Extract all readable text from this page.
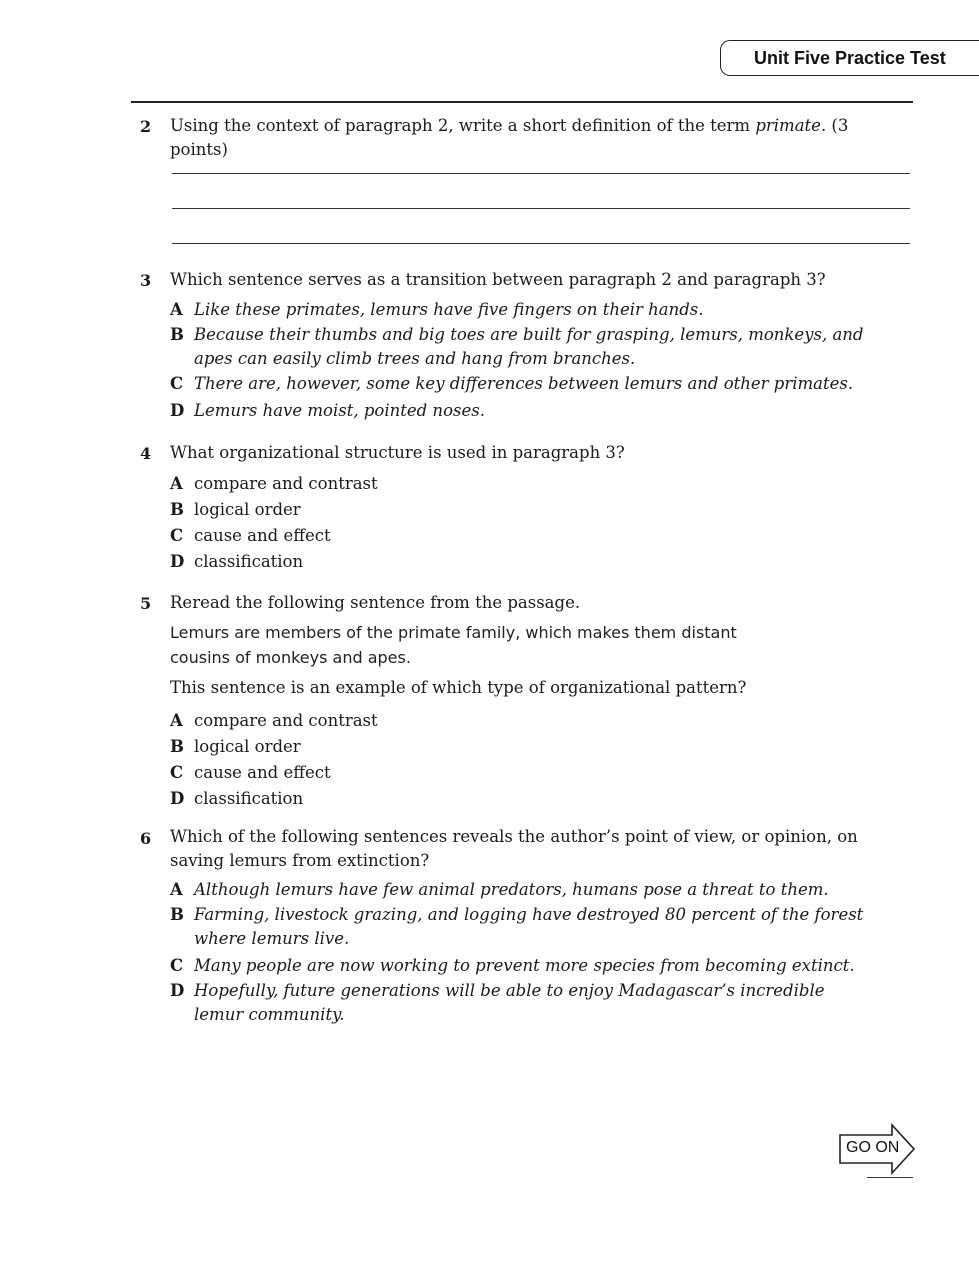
Unit Five Practice Test
2 Using the context of paragraph 2, write a short definition of the term primate. (3 points)
3 Which sentence serves as a transition between paragraph 2 and paragraph 3?
A Like these primates, lemurs have five fingers on their hands.
B Because their thumbs and big toes are built for grasping, lemurs, monkeys, and apes can easily climb trees and hang from branches.
C There are, however, some key differences between lemurs and other primates.
D Lemurs have moist, pointed noses.
4 What organizational structure is used in paragraph 3?
A compare and contrast
B logical order
C cause and effect
D classification
5 Reread the following sentence from the passage.
Lemurs are members of the primate family, which makes them distant cousins of monkeys and apes.
This sentence is an example of which type of organizational pattern?
A compare and contrast
B logical order
C cause and effect
D classification
6 Which of the following sentences reveals the author’s point of view, or opinion, on saving lemurs from extinction?
A Although lemurs have few animal predators, humans pose a threat to them.
B Farming, livestock grazing, and logging have destroyed 80 percent of the forest where lemurs live.
C Many people are now working to prevent more species from becoming extinct.
D Hopefully, future generations will be able to enjoy Madagascar’s incredible lemur community.
GO ON
